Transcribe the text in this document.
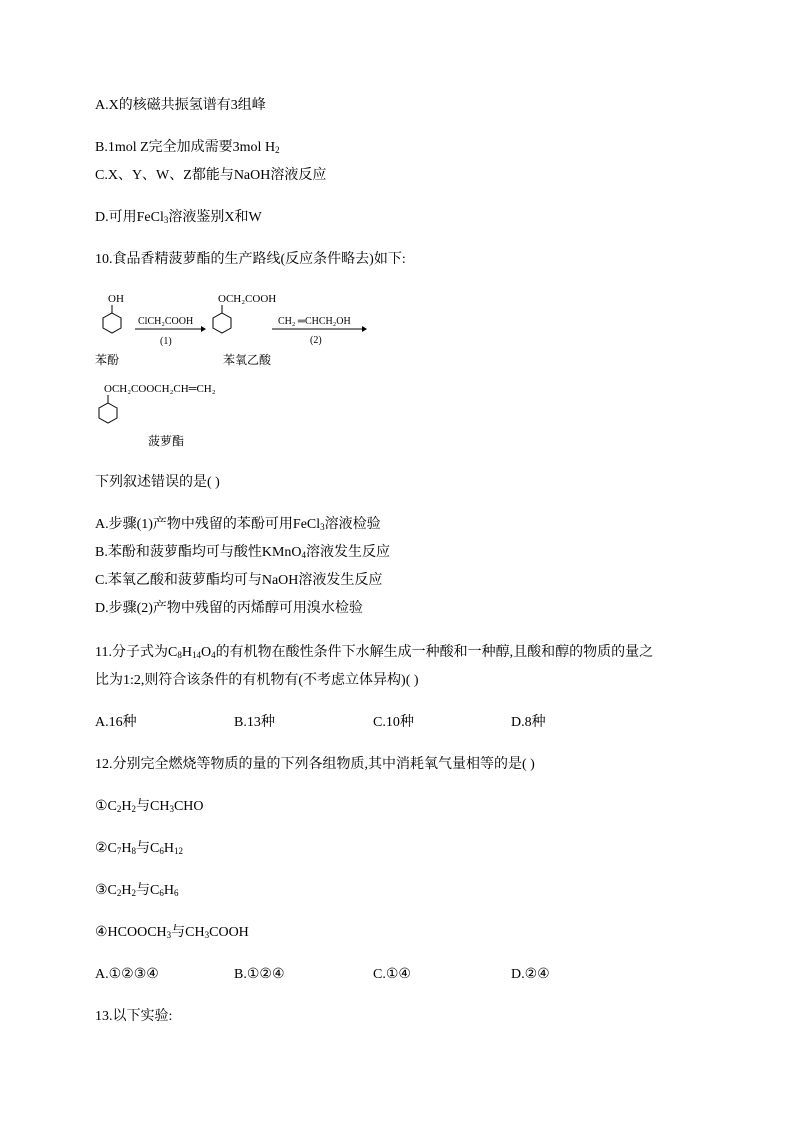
A.X的核磁共振氢谱有3组峰
B.1mol Z完全加成需要3mol $H_2$
C.X、Y、W、Z都能与NaOH溶液反应
D.可用FeCl$_3$溶液鉴别X和W
10.食品香精菠萝酯的生产路线(反应条件略去)如下:
OH
苯酚
ClCH₂COOH
(1)
OCH₂COOH
苯氧乙酸
CH₂ ═CHCH₂OH
(2)
OCH₂COOCH₂CH═CH₂
菠萝酯
下列叙述错误的是( )
A.步骤(1)产物中残留的苯酚可用FeCl$_3$溶液检验
B.苯酚和菠萝酯均可与酸性KMnO$_4$溶液发生反应
C.苯氧乙酸和菠萝酯均可与NaOH溶液发生反应
D.步骤(2)产物中残留的丙烯醇可用溴水检验
11.分子式为$C_8H_{14}O_4$的有机物在酸性条件下水解生成一种酸和一种醇,且酸和醇的物质的量之
比为1:2,则符合该条件的有机物有(不考虑立体异构)( )
A.16种	B.13种	C.10种	D.8种
12.分别完全燃烧等物质的量的下列各组物质,其中消耗氧气量相等的是( )
$①C_2H_2$与$CH_3CHO$
$②C_7H_8$与$C_6H_{12}$
$③C_2H_2$与$C_6H_6$
$④HCOOCH_3$与$CH_3COOH$
A.①②③④	B.①②④	C.①④	D.②④
13.以下实验:
